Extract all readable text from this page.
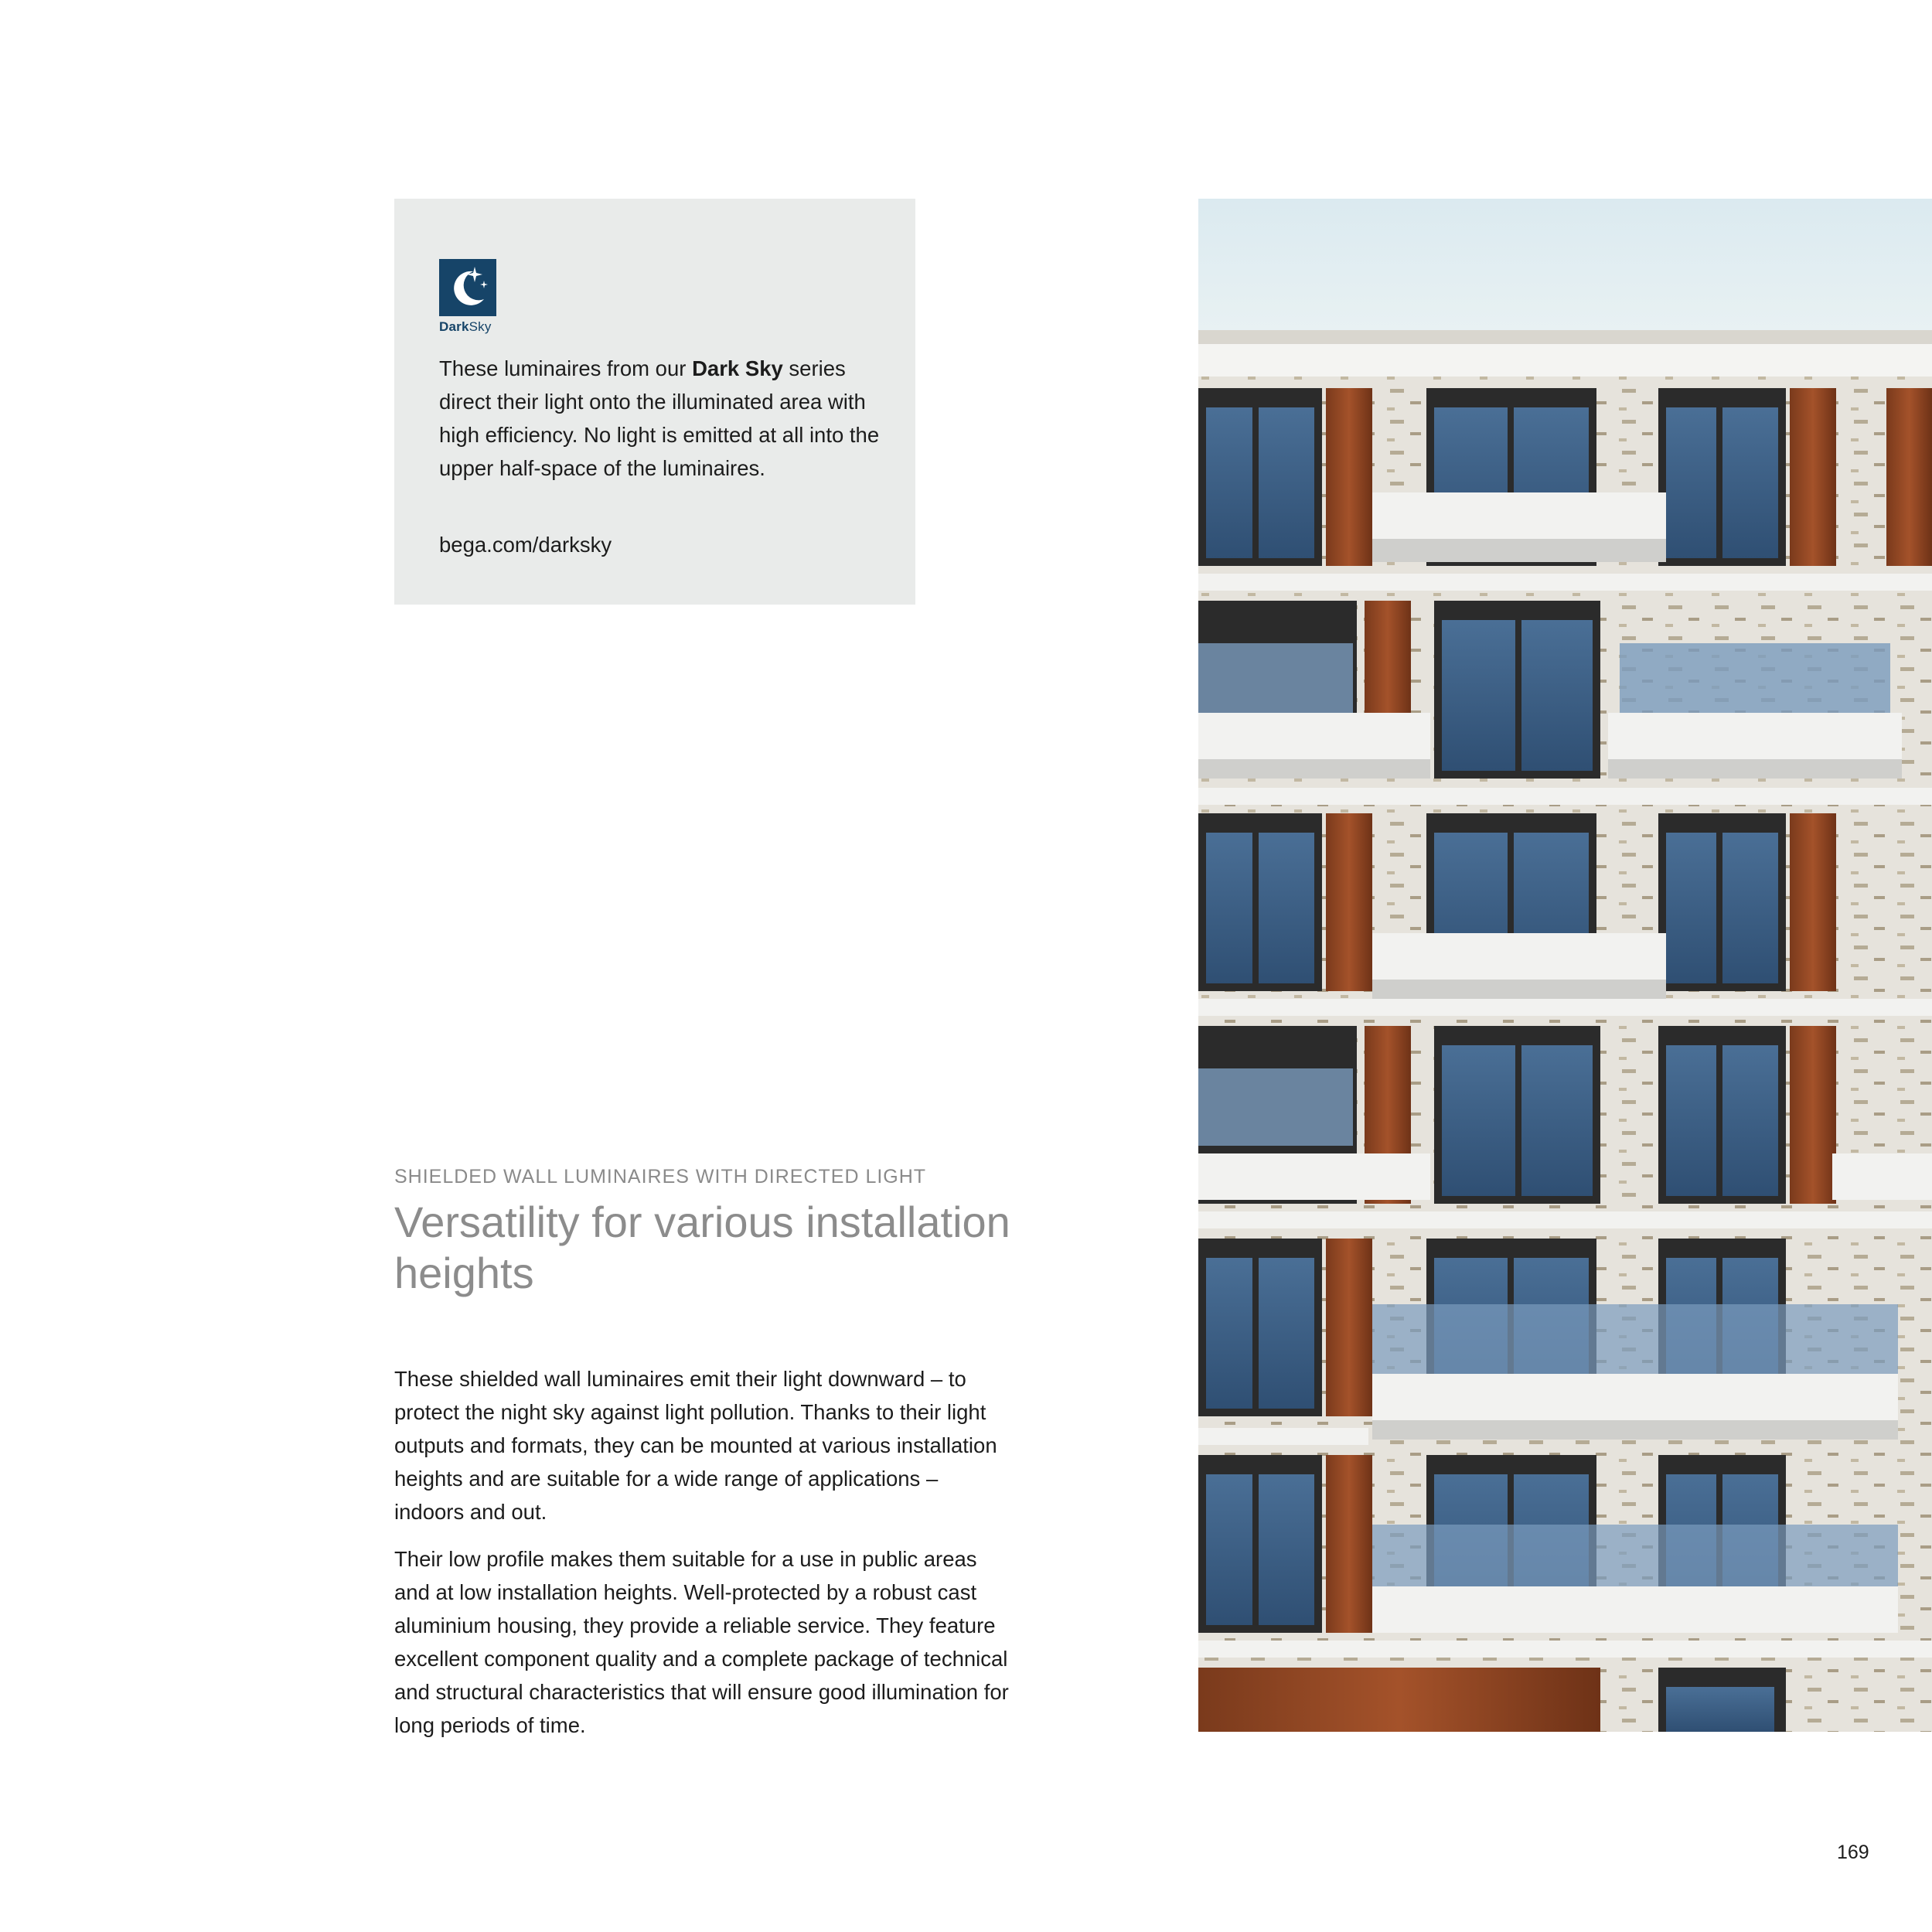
DarkSky
These luminaires from our Dark Sky series direct their light onto the illuminated area with high efficiency. No light is emitted at all into the upper half-space of the luminaires.
bega.com/darksky
SHIELDED WALL LUMINAIRES WITH DIRECTED LIGHT
Versatility for various installation heights

These shielded wall luminaires emit their light downward – to protect the night sky against light pollution. Thanks to their light outputs and formats, they can be mounted at various installation heights and are suitable for a wide range of applications – indoors and out.

Their low profile makes them suitable for a use in public areas and at low installation heights. Well-protected by a robust cast aluminium housing, they provide a reliable service. They feature excellent component quality and a complete package of technical and structural characteristics that will ensure good illumination for long periods of time.

169
